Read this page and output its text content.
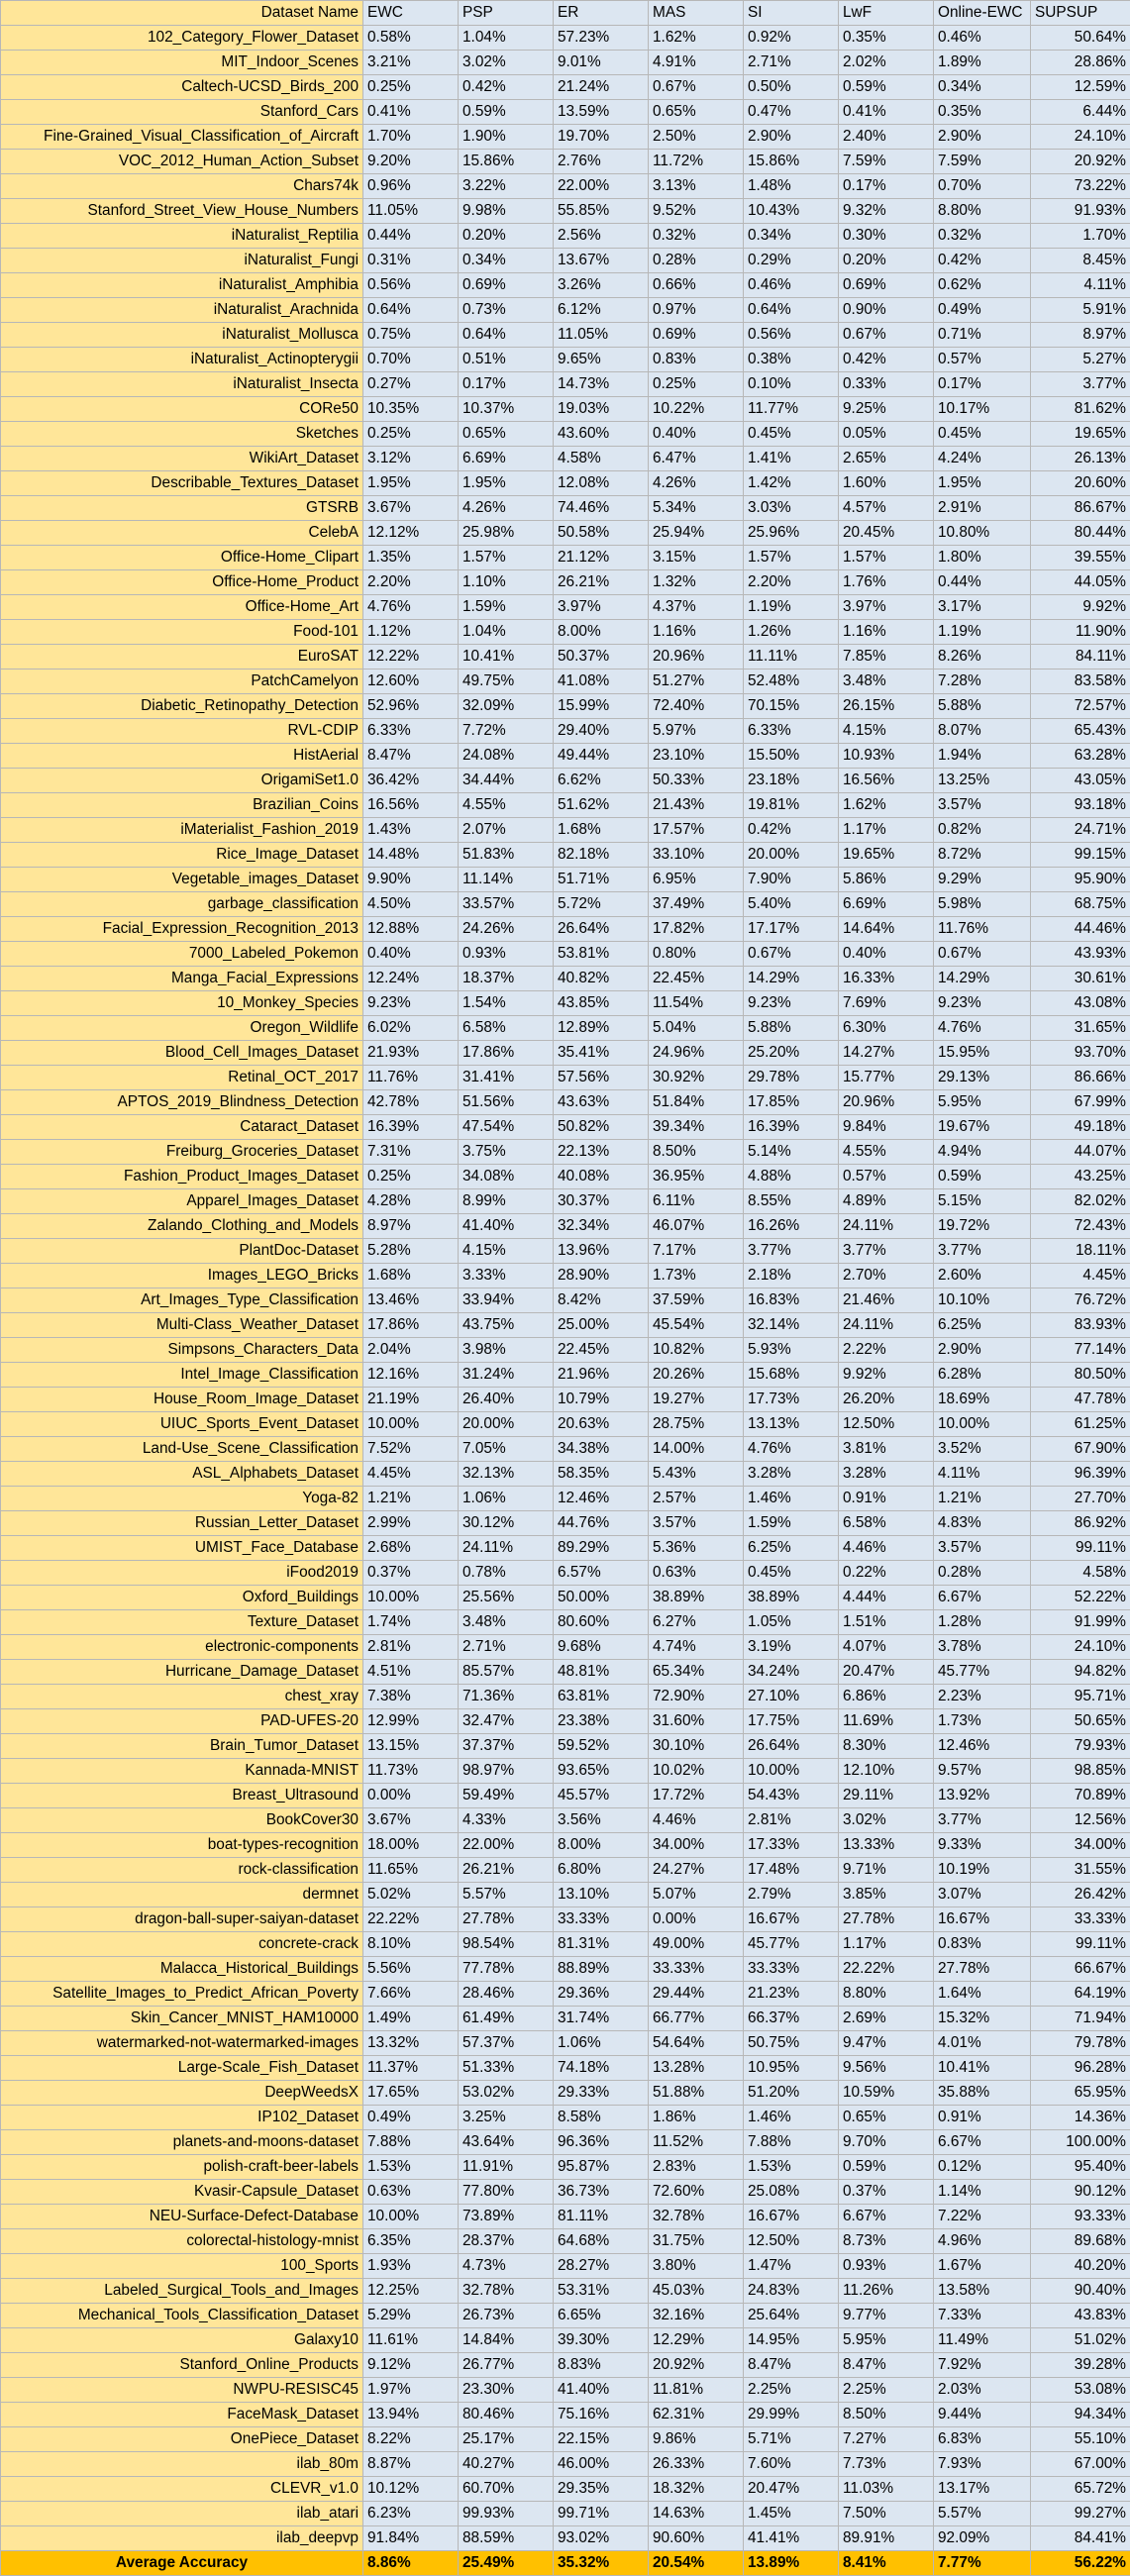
Dataset Name	EWC	PSP	ER	MAS	SI	LwF	Online-EWC	SUPSUP
102_Category_Flower_Dataset	0.58%	1.04%	57.23%	1.62%	0.92%	0.35%	0.46%	50.64%
MIT_Indoor_Scenes	3.21%	3.02%	9.01%	4.91%	2.71%	2.02%	1.89%	28.86%
Caltech-UCSD_Birds_200	0.25%	0.42%	21.24%	0.67%	0.50%	0.59%	0.34%	12.59%
Stanford_Cars	0.41%	0.59%	13.59%	0.65%	0.47%	0.41%	0.35%	6.44%
Fine-Grained_Visual_Classification_of_Aircraft	1.70%	1.90%	19.70%	2.50%	2.90%	2.40%	2.90%	24.10%
VOC_2012_Human_Action_Subset	9.20%	15.86%	2.76%	11.72%	15.86%	7.59%	7.59%	20.92%
Chars74k	0.96%	3.22%	22.00%	3.13%	1.48%	0.17%	0.70%	73.22%
Stanford_Street_View_House_Numbers	11.05%	9.98%	55.85%	9.52%	10.43%	9.32%	8.80%	91.93%
iNaturalist_Reptilia	0.44%	0.20%	2.56%	0.32%	0.34%	0.30%	0.32%	1.70%
iNaturalist_Fungi	0.31%	0.34%	13.67%	0.28%	0.29%	0.20%	0.42%	8.45%
iNaturalist_Amphibia	0.56%	0.69%	3.26%	0.66%	0.46%	0.69%	0.62%	4.11%
iNaturalist_Arachnida	0.64%	0.73%	6.12%	0.97%	0.64%	0.90%	0.49%	5.91%
iNaturalist_Mollusca	0.75%	0.64%	11.05%	0.69%	0.56%	0.67%	0.71%	8.97%
iNaturalist_Actinopterygii	0.70%	0.51%	9.65%	0.83%	0.38%	0.42%	0.57%	5.27%
iNaturalist_Insecta	0.27%	0.17%	14.73%	0.25%	0.10%	0.33%	0.17%	3.77%
CORe50	10.35%	10.37%	19.03%	10.22%	11.77%	9.25%	10.17%	81.62%
Sketches	0.25%	0.65%	43.60%	0.40%	0.45%	0.05%	0.45%	19.65%
WikiArt_Dataset	3.12%	6.69%	4.58%	6.47%	1.41%	2.65%	4.24%	26.13%
Describable_Textures_Dataset	1.95%	1.95%	12.08%	4.26%	1.42%	1.60%	1.95%	20.60%
GTSRB	3.67%	4.26%	74.46%	5.34%	3.03%	4.57%	2.91%	86.67%
CelebA	12.12%	25.98%	50.58%	25.94%	25.96%	20.45%	10.80%	80.44%
Office-Home_Clipart	1.35%	1.57%	21.12%	3.15%	1.57%	1.57%	1.80%	39.55%
Office-Home_Product	2.20%	1.10%	26.21%	1.32%	2.20%	1.76%	0.44%	44.05%
Office-Home_Art	4.76%	1.59%	3.97%	4.37%	1.19%	3.97%	3.17%	9.92%
Food-101	1.12%	1.04%	8.00%	1.16%	1.26%	1.16%	1.19%	11.90%
EuroSAT	12.22%	10.41%	50.37%	20.96%	11.11%	7.85%	8.26%	84.11%
PatchCamelyon	12.60%	49.75%	41.08%	51.27%	52.48%	3.48%	7.28%	83.58%
Diabetic_Retinopathy_Detection	52.96%	32.09%	15.99%	72.40%	70.15%	26.15%	5.88%	72.57%
RVL-CDIP	6.33%	7.72%	29.40%	5.97%	6.33%	4.15%	8.07%	65.43%
HistAerial	8.47%	24.08%	49.44%	23.10%	15.50%	10.93%	1.94%	63.28%
OrigamiSet1.0	36.42%	34.44%	6.62%	50.33%	23.18%	16.56%	13.25%	43.05%
Brazilian_Coins	16.56%	4.55%	51.62%	21.43%	19.81%	1.62%	3.57%	93.18%
iMaterialist_Fashion_2019	1.43%	2.07%	1.68%	17.57%	0.42%	1.17%	0.82%	24.71%
Rice_Image_Dataset	14.48%	51.83%	82.18%	33.10%	20.00%	19.65%	8.72%	99.15%
Vegetable_images_Dataset	9.90%	11.14%	51.71%	6.95%	7.90%	5.86%	9.29%	95.90%
garbage_classification	4.50%	33.57%	5.72%	37.49%	5.40%	6.69%	5.98%	68.75%
Facial_Expression_Recognition_2013	12.88%	24.26%	26.64%	17.82%	17.17%	14.64%	11.76%	44.46%
7000_Labeled_Pokemon	0.40%	0.93%	53.81%	0.80%	0.67%	0.40%	0.67%	43.93%
Manga_Facial_Expressions	12.24%	18.37%	40.82%	22.45%	14.29%	16.33%	14.29%	30.61%
10_Monkey_Species	9.23%	1.54%	43.85%	11.54%	9.23%	7.69%	9.23%	43.08%
Oregon_Wildlife	6.02%	6.58%	12.89%	5.04%	5.88%	6.30%	4.76%	31.65%
Blood_Cell_Images_Dataset	21.93%	17.86%	35.41%	24.96%	25.20%	14.27%	15.95%	93.70%
Retinal_OCT_2017	11.76%	31.41%	57.56%	30.92%	29.78%	15.77%	29.13%	86.66%
APTOS_2019_Blindness_Detection	42.78%	51.56%	43.63%	51.84%	17.85%	20.96%	5.95%	67.99%
Cataract_Dataset	16.39%	47.54%	50.82%	39.34%	16.39%	9.84%	19.67%	49.18%
Freiburg_Groceries_Dataset	7.31%	3.75%	22.13%	8.50%	5.14%	4.55%	4.94%	44.07%
Fashion_Product_Images_Dataset	0.25%	34.08%	40.08%	36.95%	4.88%	0.57%	0.59%	43.25%
Apparel_Images_Dataset	4.28%	8.99%	30.37%	6.11%	8.55%	4.89%	5.15%	82.02%
Zalando_Clothing_and_Models	8.97%	41.40%	32.34%	46.07%	16.26%	24.11%	19.72%	72.43%
PlantDoc-Dataset	5.28%	4.15%	13.96%	7.17%	3.77%	3.77%	3.77%	18.11%
Images_LEGO_Bricks	1.68%	3.33%	28.90%	1.73%	2.18%	2.70%	2.60%	4.45%
Art_Images_Type_Classification	13.46%	33.94%	8.42%	37.59%	16.83%	21.46%	10.10%	76.72%
Multi-Class_Weather_Dataset	17.86%	43.75%	25.00%	45.54%	32.14%	24.11%	6.25%	83.93%
Simpsons_Characters_Data	2.04%	3.98%	22.45%	10.82%	5.93%	2.22%	2.90%	77.14%
Intel_Image_Classification	12.16%	31.24%	21.96%	20.26%	15.68%	9.92%	6.28%	80.50%
House_Room_Image_Dataset	21.19%	26.40%	10.79%	19.27%	17.73%	26.20%	18.69%	47.78%
UIUC_Sports_Event_Dataset	10.00%	20.00%	20.63%	28.75%	13.13%	12.50%	10.00%	61.25%
Land-Use_Scene_Classification	7.52%	7.05%	34.38%	14.00%	4.76%	3.81%	3.52%	67.90%
ASL_Alphabets_Dataset	4.45%	32.13%	58.35%	5.43%	3.28%	3.28%	4.11%	96.39%
Yoga-82	1.21%	1.06%	12.46%	2.57%	1.46%	0.91%	1.21%	27.70%
Russian_Letter_Dataset	2.99%	30.12%	44.76%	3.57%	1.59%	6.58%	4.83%	86.92%
UMIST_Face_Database	2.68%	24.11%	89.29%	5.36%	6.25%	4.46%	3.57%	99.11%
iFood2019	0.37%	0.78%	6.57%	0.63%	0.45%	0.22%	0.28%	4.58%
Oxford_Buildings	10.00%	25.56%	50.00%	38.89%	38.89%	4.44%	6.67%	52.22%
Texture_Dataset	1.74%	3.48%	80.60%	6.27%	1.05%	1.51%	1.28%	91.99%
electronic-components	2.81%	2.71%	9.68%	4.74%	3.19%	4.07%	3.78%	24.10%
Hurricane_Damage_Dataset	4.51%	85.57%	48.81%	65.34%	34.24%	20.47%	45.77%	94.82%
chest_xray	7.38%	71.36%	63.81%	72.90%	27.10%	6.86%	2.23%	95.71%
PAD-UFES-20	12.99%	32.47%	23.38%	31.60%	17.75%	11.69%	1.73%	50.65%
Brain_Tumor_Dataset	13.15%	37.37%	59.52%	30.10%	26.64%	8.30%	12.46%	79.93%
Kannada-MNIST	11.73%	98.97%	93.65%	10.02%	10.00%	12.10%	9.57%	98.85%
Breast_Ultrasound	0.00%	59.49%	45.57%	17.72%	54.43%	29.11%	13.92%	70.89%
BookCover30	3.67%	4.33%	3.56%	4.46%	2.81%	3.02%	3.77%	12.56%
boat-types-recognition	18.00%	22.00%	8.00%	34.00%	17.33%	13.33%	9.33%	34.00%
rock-classification	11.65%	26.21%	6.80%	24.27%	17.48%	9.71%	10.19%	31.55%
dermnet	5.02%	5.57%	13.10%	5.07%	2.79%	3.85%	3.07%	26.42%
dragon-ball-super-saiyan-dataset	22.22%	27.78%	33.33%	0.00%	16.67%	27.78%	16.67%	33.33%
concrete-crack	8.10%	98.54%	81.31%	49.00%	45.77%	1.17%	0.83%	99.11%
Malacca_Historical_Buildings	5.56%	77.78%	88.89%	33.33%	33.33%	22.22%	27.78%	66.67%
Satellite_Images_to_Predict_African_Poverty	7.66%	28.46%	29.36%	29.44%	21.23%	8.80%	1.64%	64.19%
Skin_Cancer_MNIST_HAM10000	1.49%	61.49%	31.74%	66.77%	66.37%	2.69%	15.32%	71.94%
watermarked-not-watermarked-images	13.32%	57.37%	1.06%	54.64%	50.75%	9.47%	4.01%	79.78%
Large-Scale_Fish_Dataset	11.37%	51.33%	74.18%	13.28%	10.95%	9.56%	10.41%	96.28%
DeepWeedsX	17.65%	53.02%	29.33%	51.88%	51.20%	10.59%	35.88%	65.95%
IP102_Dataset	0.49%	3.25%	8.58%	1.86%	1.46%	0.65%	0.91%	14.36%
planets-and-moons-dataset	7.88%	43.64%	96.36%	11.52%	7.88%	9.70%	6.67%	100.00%
polish-craft-beer-labels	1.53%	11.91%	95.87%	2.83%	1.53%	0.59%	0.12%	95.40%
Kvasir-Capsule_Dataset	0.63%	77.80%	36.73%	72.60%	25.08%	0.37%	1.14%	90.12%
NEU-Surface-Defect-Database	10.00%	73.89%	81.11%	32.78%	16.67%	6.67%	7.22%	93.33%
colorectal-histology-mnist	6.35%	28.37%	64.68%	31.75%	12.50%	8.73%	4.96%	89.68%
100_Sports	1.93%	4.73%	28.27%	3.80%	1.47%	0.93%	1.67%	40.20%
Labeled_Surgical_Tools_and_Images	12.25%	32.78%	53.31%	45.03%	24.83%	11.26%	13.58%	90.40%
Mechanical_Tools_Classification_Dataset	5.29%	26.73%	6.65%	32.16%	25.64%	9.77%	7.33%	43.83%
Galaxy10	11.61%	14.84%	39.30%	12.29%	14.95%	5.95%	11.49%	51.02%
Stanford_Online_Products	9.12%	26.77%	8.83%	20.92%	8.47%	8.47%	7.92%	39.28%
NWPU-RESISC45	1.97%	23.30%	41.40%	11.81%	2.25%	2.25%	2.03%	53.08%
FaceMask_Dataset	13.94%	80.46%	75.16%	62.31%	29.99%	8.50%	9.44%	94.34%
OnePiece_Dataset	8.22%	25.17%	22.15%	9.86%	5.71%	7.27%	6.83%	55.10%
ilab_80m	8.87%	40.27%	46.00%	26.33%	7.60%	7.73%	7.93%	67.00%
CLEVR_v1.0	10.12%	60.70%	29.35%	18.32%	20.47%	11.03%	13.17%	65.72%
ilab_atari	6.23%	99.93%	99.71%	14.63%	1.45%	7.50%	5.57%	99.27%
ilab_deepvp	91.84%	88.59%	93.02%	90.60%	41.41%	89.91%	92.09%	84.41%
Average Accuracy	8.86%	25.49%	35.32%	20.54%	13.89%	8.41%	7.77%	56.22%
